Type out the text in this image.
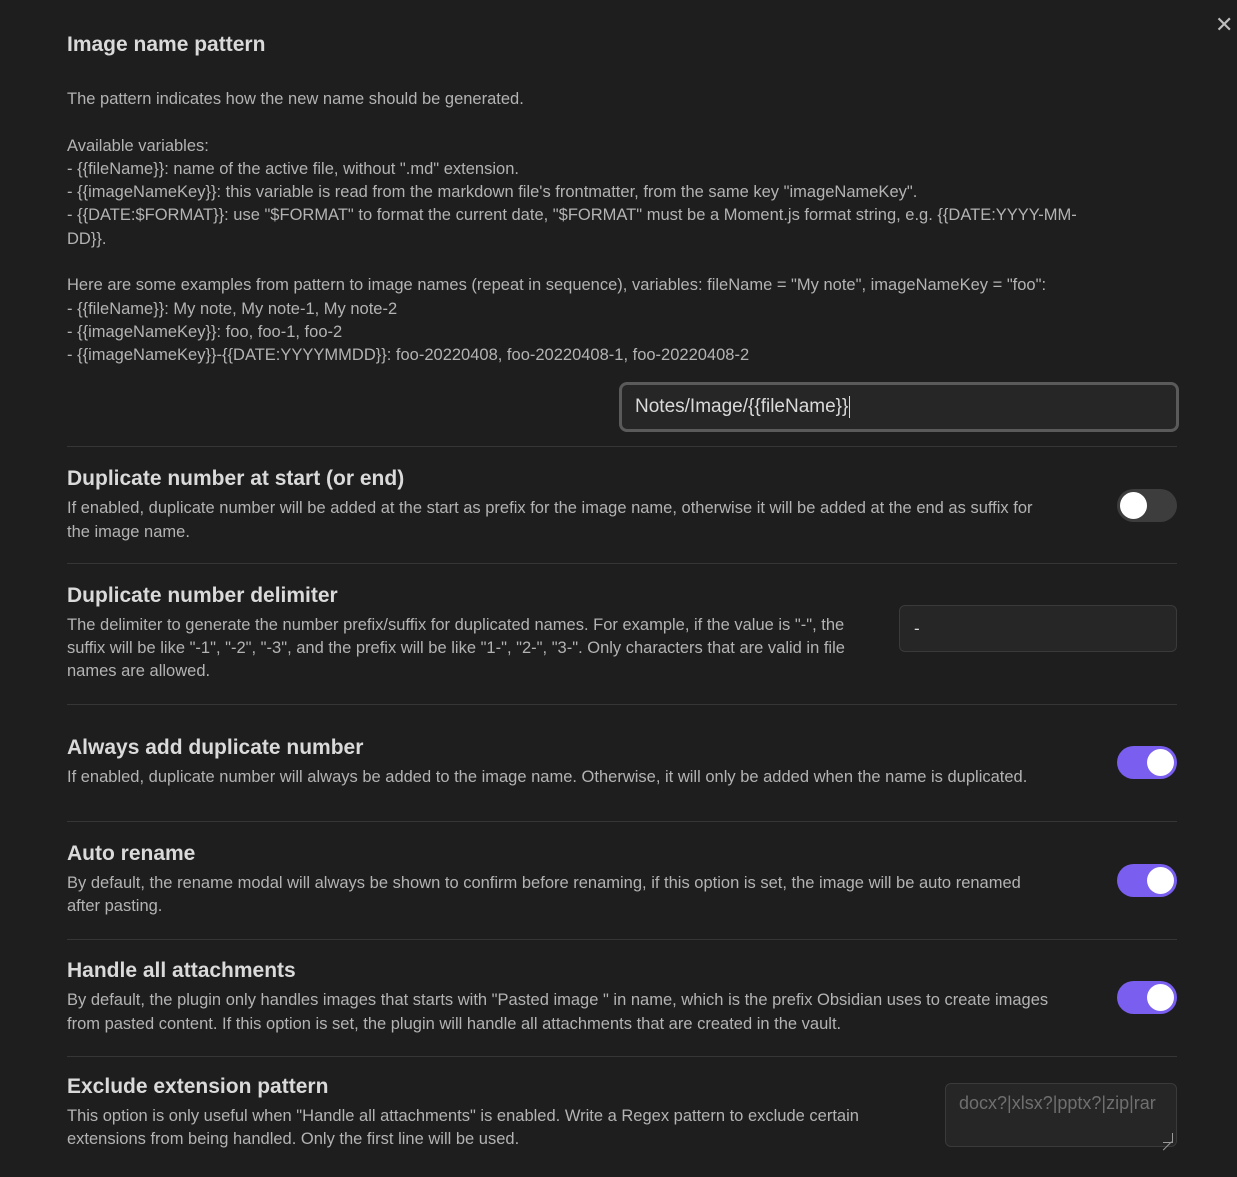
✕
Image name pattern
The pattern indicates how the new name should be generated.

Available variables:
- {{fileName}}: name of the active file, without ".md" extension.
- {{imageNameKey}}: this variable is read from the markdown file's frontmatter, from the same key "imageNameKey".
- {{DATE:$FORMAT}}: use "$FORMAT" to format the current date, "$FORMAT" must be a Moment.js format string, e.g. {{DATE:YYYY-MM-
DD}}.

Here are some examples from pattern to image names (repeat in sequence), variables: fileName = "My note", imageNameKey = "foo":
- {{fileName}}: My note, My note-1, My note-2
- {{imageNameKey}}: foo, foo-1, foo-2
- {{imageNameKey}}-{{DATE:YYYYMMDD}}: foo-20220408, foo-20220408-1, foo-20220408-2
Notes/Image/{{fileName}}
Duplicate number at start (or end)
If enabled, duplicate number will be added at the start as prefix for the image name, otherwise it will be added at the end as suffix for the image name.
Duplicate number delimiter
The delimiter to generate the number prefix/suffix for duplicated names. For example, if the value is "-", the suffix will be like "-1", "-2", "-3", and the prefix will be like "1-", "2-", "3-". Only characters that are valid in file names are allowed.
-
Always add duplicate number
If enabled, duplicate number will always be added to the image name. Otherwise, it will only be added when the name is duplicated.
Auto rename
By default, the rename modal will always be shown to confirm before renaming, if this option is set, the image will be auto renamed after pasting.
Handle all attachments
By default, the plugin only handles images that starts with "Pasted image " in name, which is the prefix Obsidian uses to create images from pasted content. If this option is set, the plugin will handle all attachments that are created in the vault.
Exclude extension pattern
This option is only useful when "Handle all attachments" is enabled. Write a Regex pattern to exclude certain extensions from being handled. Only the first line will be used.
docx?|xlsx?|pptx?|zip|rar
